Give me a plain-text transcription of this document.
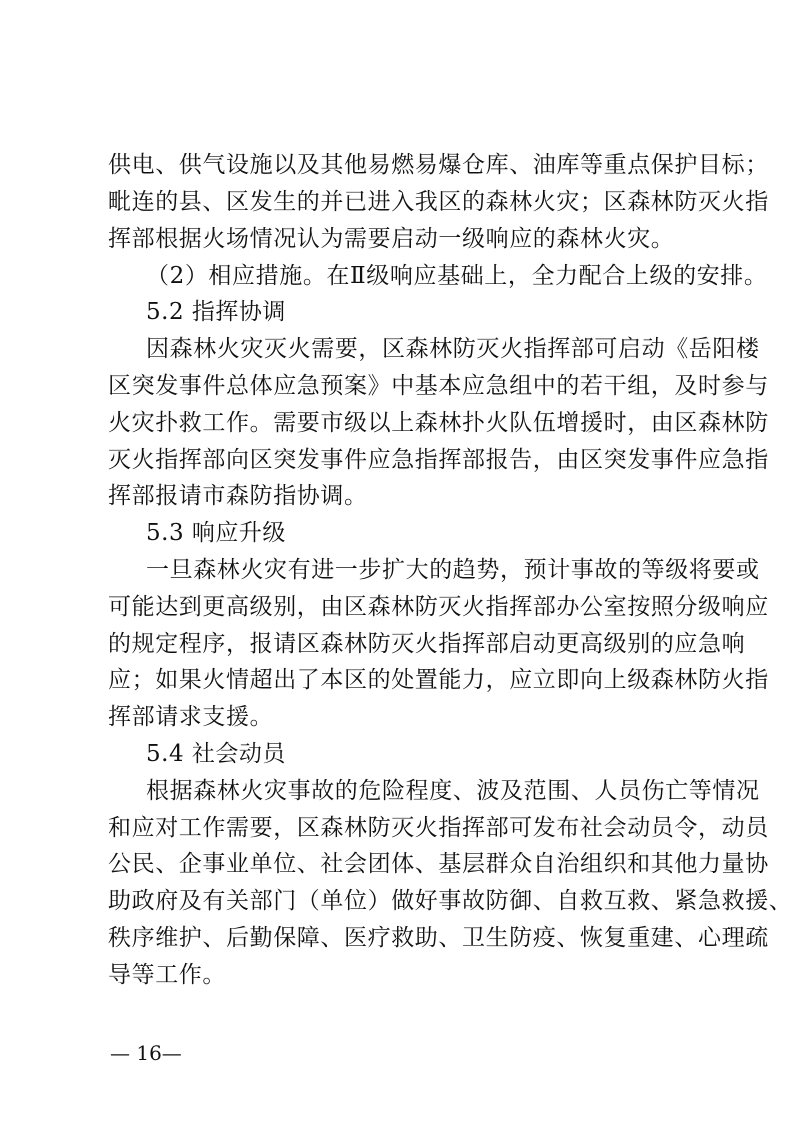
供电、供气设施以及其他易燃易爆仓库、油库等重点保护目标；
毗连的县、区发生的并已进入我区的森林火灾；区森林防灭火指
挥部根据火场情况认为需要启动一级响应的森林火灾。
（2）相应措施。在Ⅱ级响应基础上，全力配合上级的安排。
5.2 指挥协调
因森林火灾灭火需要，区森林防灭火指挥部可启动《岳阳楼
区突发事件总体应急预案》中基本应急组中的若干组，及时参与
火灾扑救工作。需要市级以上森林扑火队伍增援时，由区森林防
灭火指挥部向区突发事件应急指挥部报告，由区突发事件应急指
挥部报请市森防指协调。
5.3 响应升级
一旦森林火灾有进一步扩大的趋势，预计事故的等级将要或
可能达到更高级别，由区森林防灭火指挥部办公室按照分级响应
的规定程序，报请区森林防灭火指挥部启动更高级别的应急响
应；如果火情超出了本区的处置能力，应立即向上级森林防火指
挥部请求支援。
5.4 社会动员
根据森林火灾事故的危险程度、波及范围、人员伤亡等情况
和应对工作需要，区森林防灭火指挥部可发布社会动员令，动员
公民、企事业单位、社会团体、基层群众自治组织和其他力量协
助政府及有关部门（单位）做好事故防御、自救互救、紧急救援、
秩序维护、后勤保障、医疗救助、卫生防疫、恢复重建、心理疏
导等工作。
— 16—
